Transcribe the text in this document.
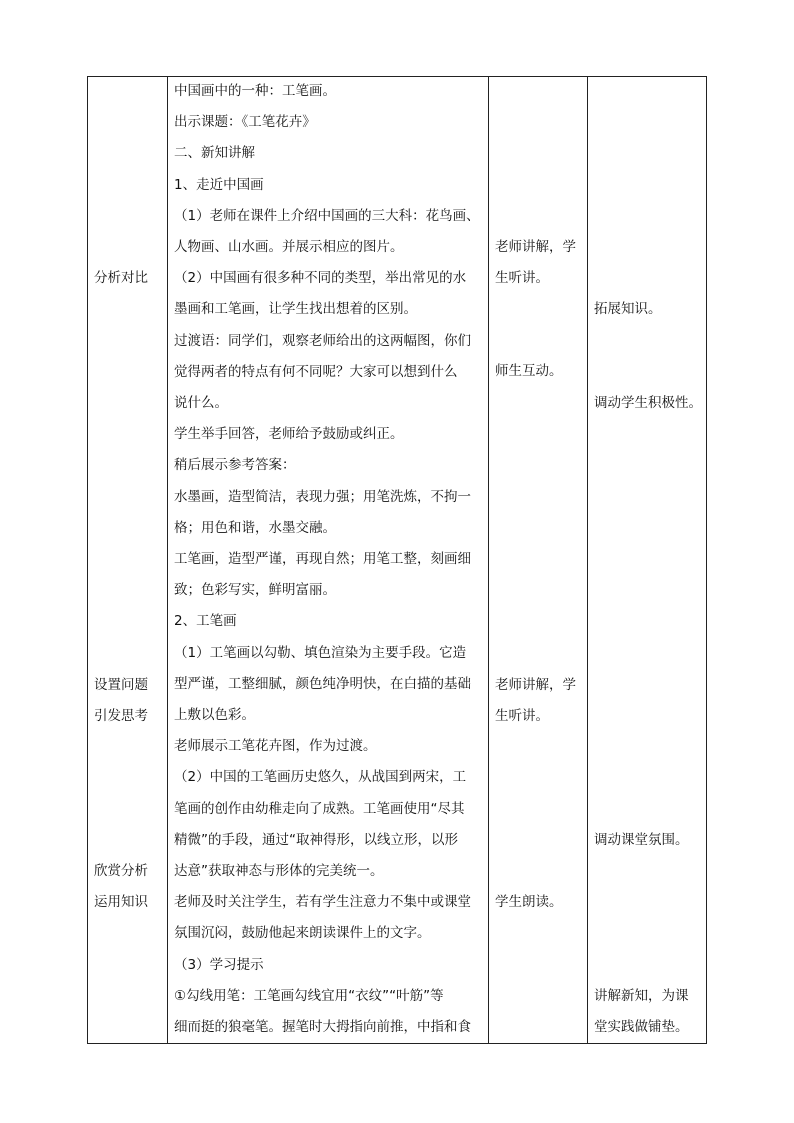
分析对比
设置问题
引发思考
欣赏分析
运用知识
中国画中的一种：工笔画。
出示课题：《工笔花卉》
二、新知讲解
1、走近中国画
（1）老师在课件上介绍中国画的三大科：花鸟画、
人物画、山水画。并展示相应的图片。
（2）中国画有很多种不同的类型，举出常见的水
墨画和工笔画，让学生找出想着的区别。
过渡语：同学们，观察老师给出的这两幅图，你们
觉得两者的特点有何不同呢？大家可以想到什么
说什么。
学生举手回答，老师给予鼓励或纠正。
稍后展示参考答案：
水墨画，造型简洁，表现力强；用笔洗炼，不拘一
格；用色和谐，水墨交融。
工笔画，造型严谨，再现自然；用笔工整，刻画细
致；色彩写实，鲜明富丽。
2、工笔画
（1）工笔画以勾勒、填色渲染为主要手段。它造
型严谨，工整细腻，颜色纯净明快，在白描的基础
上敷以色彩。
老师展示工笔花卉图，作为过渡。
（2）中国的工笔画历史悠久，从战国到两宋，工
笔画的创作由幼稚走向了成熟。工笔画使用“尽其
精微”的手段，通过“取神得形，以线立形，以形
达意”获取神态与形体的完美统一。
老师及时关注学生，若有学生注意力不集中或课堂
氛围沉闷，鼓励他起来朗读课件上的文字。
（3）学习提示
①勾线用笔：工笔画勾线宜用“衣纹”“叶筋”等
细而挺的狼毫笔。握笔时大拇指向前推，中指和食
老师讲解，学
生听讲。
师生互动。
老师讲解，学
生听讲。
学生朗读。
拓展知识。
调动学生积极性。
调动课堂氛围。
讲解新知，为课
堂实践做铺垫。
